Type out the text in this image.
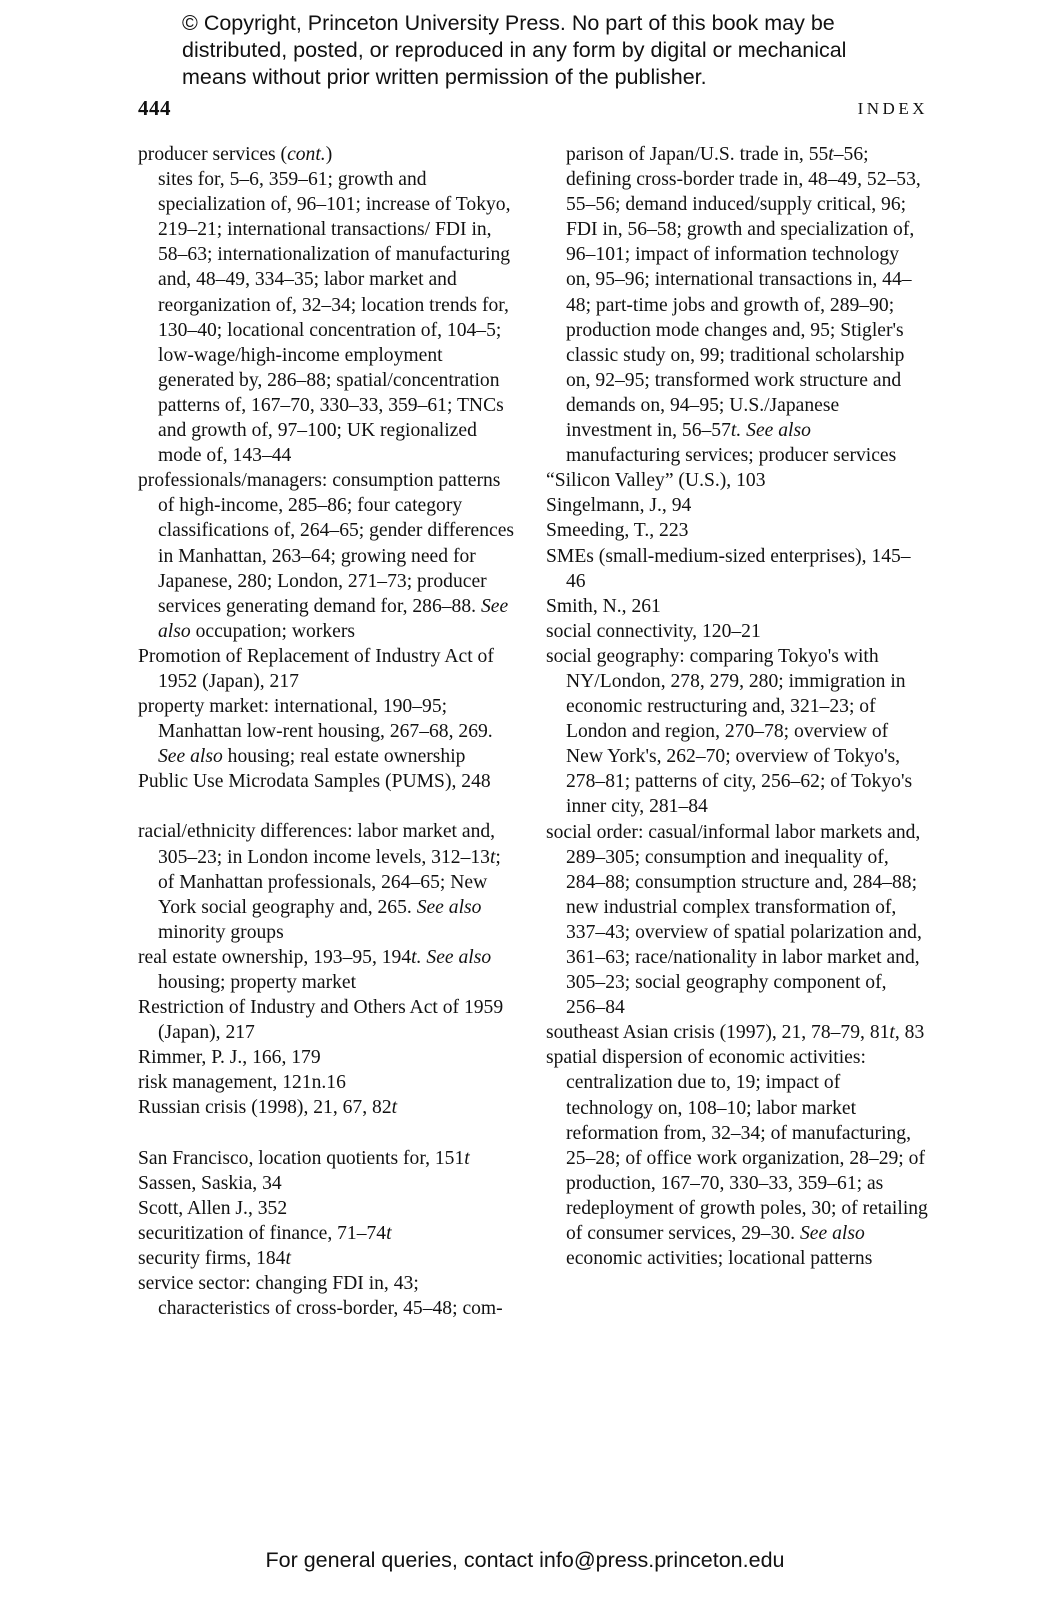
© Copyright, Princeton University Press. No part of this book may be
distributed, posted, or reproduced in any form by digital or mechanical
means without prior written permission of the publisher.
444	INDEX
producer services (cont.)
sites for, 5–6, 359–61; growth and specialization of, 96–101; increase of Tokyo, 219–21; international transactions/ FDI in, 58–63; internationalization of manufacturing and, 48–49, 334–35; labor market and reorganization of, 32–34; location trends for, 130–40; locational concentration of, 104–5; low-wage/high-income employment generated by, 286–88; spatial/concentration patterns of, 167–70, 330–33, 359–61; TNCs and growth of, 97–100; UK regionalized mode of, 143–44
professionals/managers: consumption patterns of high-income, 285–86; four category classifications of, 264–65; gender differences in Manhattan, 263–64; growing need for Japanese, 280; London, 271–73; producer services generating demand for, 286–88. See also occupation; workers
Promotion of Replacement of Industry Act of 1952 (Japan), 217
property market: international, 190–95; Manhattan low-rent housing, 267–68, 269. See also housing; real estate ownership
Public Use Microdata Samples (PUMS), 248
racial/ethnicity differences: labor market and, 305–23; in London income levels, 312–13t; of Manhattan professionals, 264–65; New York social geography and, 265. See also minority groups
real estate ownership, 193–95, 194t. See also housing; property market
Restriction of Industry and Others Act of 1959 (Japan), 217
Rimmer, P. J., 166, 179
risk management, 121n.16
Russian crisis (1998), 21, 67, 82t
San Francisco, location quotients for, 151t
Sassen, Saskia, 34
Scott, Allen J., 352
securitization of finance, 71–74t
security firms, 184t
service sector: changing FDI in, 43; characteristics of cross-border, 45–48; com-
parison of Japan/U.S. trade in, 55t–56; defining cross-border trade in, 48–49, 52–53, 55–56; demand induced/supply critical, 96; FDI in, 56–58; growth and specialization of, 96–101; impact of information technology on, 95–96; international transactions in, 44–48; part-time jobs and growth of, 289–90; production mode changes and, 95; Stigler's classic study on, 99; traditional scholarship on, 92–95; transformed work structure and demands on, 94–95; U.S./Japanese investment in, 56–57t. See also manufacturing services; producer services
“Silicon Valley” (U.S.), 103
Singelmann, J., 94
Smeeding, T., 223
SMEs (small-medium-sized enterprises), 145–46
Smith, N., 261
social connectivity, 120–21
social geography: comparing Tokyo's with NY/London, 278, 279, 280; immigration in economic restructuring and, 321–23; of London and region, 270–78; overview of New York's, 262–70; overview of Tokyo's, 278–81; patterns of city, 256–62; of Tokyo's inner city, 281–84
social order: casual/informal labor markets and, 289–305; consumption and inequality of, 284–88; consumption structure and, 284–88; new industrial complex transformation of, 337–43; overview of spatial polarization and, 361–63; race/nationality in labor market and, 305–23; social geography component of, 256–84
southeast Asian crisis (1997), 21, 78–79, 81t, 83
spatial dispersion of economic activities: centralization due to, 19; impact of technology on, 108–10; labor market reformation from, 32–34; of manufacturing, 25–28; of office work organization, 28–29; of production, 167–70, 330–33, 359–61; as redeployment of growth poles, 30; of retailing of consumer services, 29–30. See also economic activities; locational patterns
For general queries, contact info@press.princeton.edu
